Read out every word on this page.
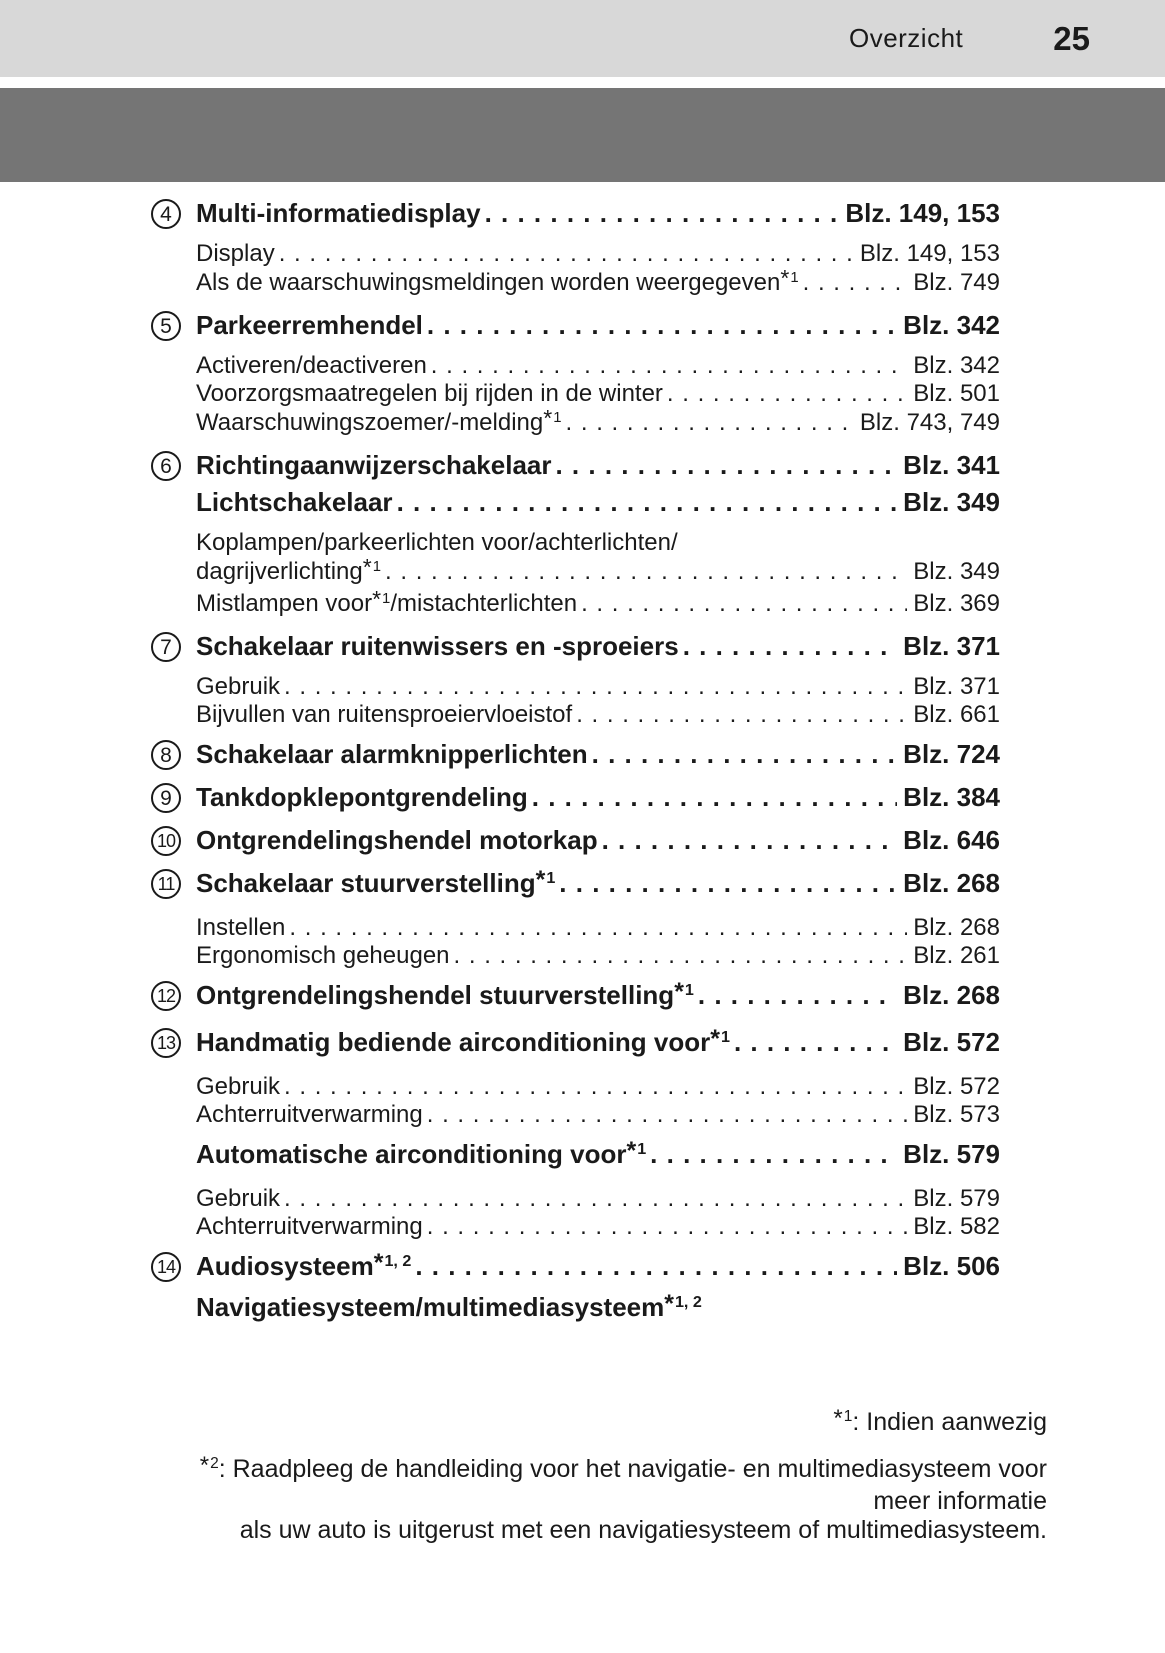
Overzicht	25
4 Multi-informatiedisplay . . .	Blz. 149, 153
Display . . .	Blz. 149, 153
Als de waarschuwingsmeldingen worden weergegeven$^{*1}$ . . .	Blz. 749
5 Parkeerremhendel . . .	Blz. 342
Activeren/deactiveren . . .	Blz. 342
Voorzorgsmaatregelen bij rijden in de winter . . .	Blz. 501
Waarschuwingszoemer/-melding$^{*1}$ . . .	Blz. 743, 749
6 Richtingaanwijzerschakelaar . . .	Blz. 341
Lichtschakelaar . . .	Blz. 349
Koplampen/parkeerlichten voor/achterlichten/
dagrijverlichting$^{*1}$ . . .	Blz. 349
Mistlampen voor$^{*1}$/mistachterlichten . . .	Blz. 369
7 Schakelaar ruitenwissers en -sproeiers . . .	Blz. 371
Gebruik . . .	Blz. 371
Bijvullen van ruitensproeiervloeistof . . .	Blz. 661
8 Schakelaar alarmknipperlichten . . .	Blz. 724
9 Tankdopklepontgrendeling . . .	Blz. 384
10 Ontgrendelingshendel motorkap . . .	Blz. 646
11 Schakelaar stuurverstelling$^{*1}$ . . .	Blz. 268
Instellen . . .	Blz. 268
Ergonomisch geheugen . . .	Blz. 261
12 Ontgrendelingshendel stuurverstelling$^{*1}$ . . .	Blz. 268
13 Handmatig bediende airconditioning voor$^{*1}$ . . .	Blz. 572
Gebruik . . .	Blz. 572
Achterruitverwarming . . .	Blz. 573
Automatische airconditioning voor$^{*1}$ . . .	Blz. 579
Gebruik . . .	Blz. 579
Achterruitverwarming . . .	Blz. 582
14 Audiosysteem$^{*1, 2}$ . . .	Blz. 506
Navigatiesysteem/multimediasysteem$^{*1, 2}$
$^{*1}$: Indien aanwezig
$^{*2}$: Raadpleeg de handleiding voor het navigatie- en multimediasysteem voor
meer informatie
als uw auto is uitgerust met een navigatiesysteem of multimediasysteem.
